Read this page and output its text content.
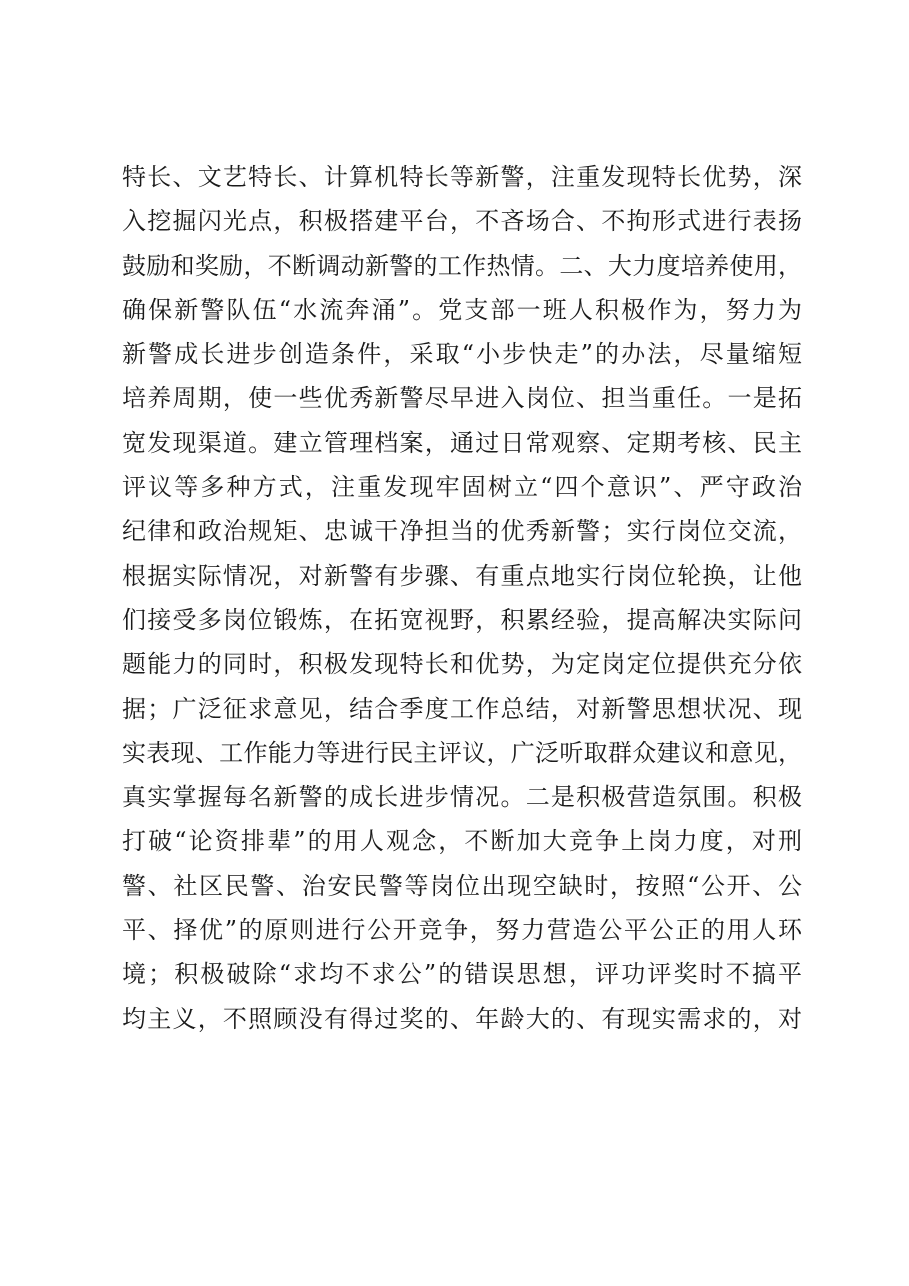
特长、文艺特长、计算机特长等新警，注重发现特长优势，深
入挖掘闪光点，积极搭建平台，不吝场合、不拘形式进行表扬
鼓励和奖励，不断调动新警的工作热情。二、大力度培养使用，
确保新警队伍“水流奔涌”。党支部一班人积极作为，努力为
新警成长进步创造条件，采取“小步快走”的办法，尽量缩短
培养周期，使一些优秀新警尽早进入岗位、担当重任。一是拓
宽发现渠道。建立管理档案，通过日常观察、定期考核、民主
评议等多种方式，注重发现牢固树立“四个意识”、严守政治
纪律和政治规矩、忠诚干净担当的优秀新警；实行岗位交流，
根据实际情况，对新警有步骤、有重点地实行岗位轮换，让他
们接受多岗位锻炼，在拓宽视野，积累经验，提高解决实际问
题能力的同时，积极发现特长和优势，为定岗定位提供充分依
据；广泛征求意见，结合季度工作总结，对新警思想状况、现
实表现、工作能力等进行民主评议，广泛听取群众建议和意见，
真实掌握每名新警的成长进步情况。二是积极营造氛围。积极
打破“论资排辈”的用人观念，不断加大竞争上岗力度，对刑
警、社区民警、治安民警等岗位出现空缺时，按照“公开、公
平、择优”的原则进行公开竞争，努力营造公平公正的用人环
境；积极破除“求均不求公”的错误思想，评功评奖时不搞平
均主义，不照顾没有得过奖的、年龄大的、有现实需求的，对
